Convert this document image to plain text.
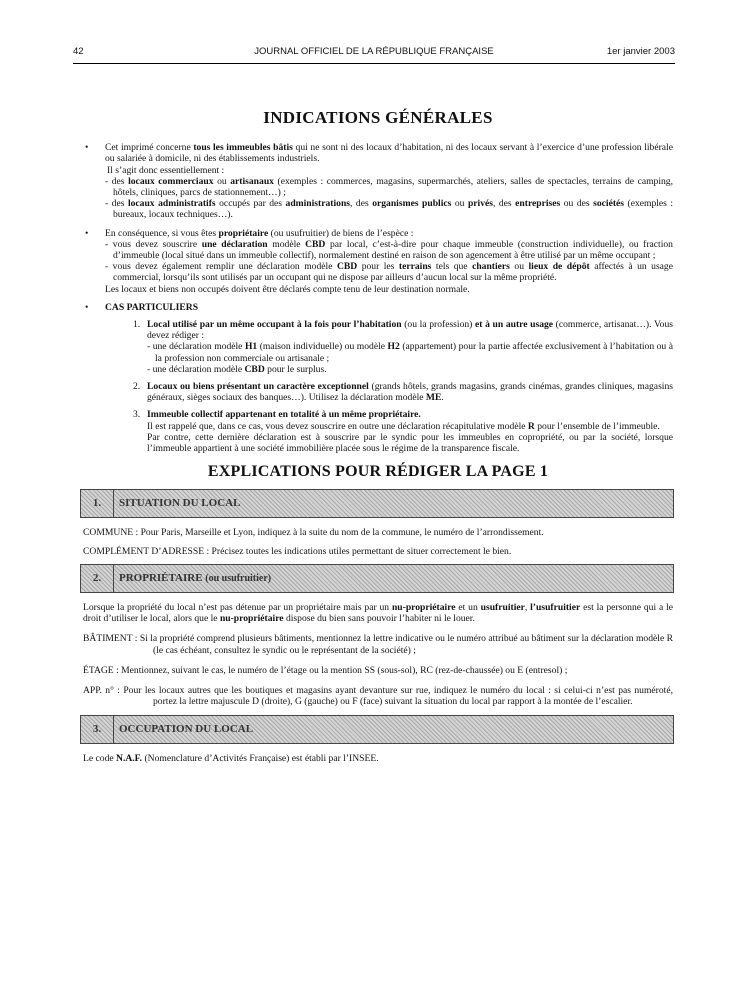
42	JOURNAL OFFICIEL DE LA RÉPUBLIQUE FRANÇAISE	1er janvier 2003
INDICATIONS GÉNÉRALES
• Cet imprimé concerne tous les immeubles bâtis qui ne sont ni des locaux d’habitation, ni des locaux servant à l’exercice d’une profession libérale ou salariée à domicile, ni des établissements industriels.

Il s’agit donc essentiellement :

- des locaux commerciaux ou artisanaux (exemples : commerces, magasins, supermarchés, ateliers, salles de spectacles, terrains de camping, hôtels, cliniques, parcs de stationnement…) ;

- des locaux administratifs occupés par des administrations, des organismes publics ou privés, des entreprises ou des sociétés (exemples : bureaux, locaux techniques…).

• En conséquence, si vous êtes propriétaire (ou usufruitier) de biens de l’espèce :

- vous devez souscrire une déclaration modèle CBD par local, c’est-à-dire pour chaque immeuble (construction individuelle), ou fraction d’immeuble (local situé dans un immeuble collectif), normalement destiné en raison de son agencement à être utilisé par un même occupant ;

- vous devez également remplir une déclaration modèle CBD pour les terrains tels que chantiers ou lieux de dépôt affectés à un usage commercial, lorsqu’ils sont utilisés par un occupant qui ne dispose par ailleurs d’aucun local sur la même propriété.

Les locaux et biens non occupés doivent être déclarés compte tenu de leur destination normale.

• CAS PARTICULIERS

1. Local utilisé par un même occupant à la fois pour l’habitation (ou la profession) et à un autre usage (commerce, artisanat…). Vous devez rédiger :

- une déclaration modèle H1 (maison individuelle) ou modèle H2 (appartement) pour la partie affectée exclusivement à l’habitation ou à la profession non commerciale ou artisanale ;

- une déclaration modèle CBD pour le surplus.

2. Locaux ou biens présentant un caractère exceptionnel (grands hôtels, grands magasins, grands cinémas, grandes cliniques, magasins généraux, sièges sociaux des banques…). Utilisez la déclaration modèle ME.

3. Immeuble collectif appartenant en totalité à un même propriétaire.

Il est rappelé que, dans ce cas, vous devez souscrire en outre une déclaration récapitulative modèle R pour l’ensemble de l’immeuble.

Par contre, cette dernière déclaration est à souscrire par le syndic pour les immeubles en copropriété, ou par la société, lorsque l’immeuble appartient à une société immobilière placée sous le régime de la transparence fiscale.

EXPLICATIONS POUR RÉDIGER LA PAGE 1
1.	SITUATION DU LOCAL

COMMUNE : Pour Paris, Marseille et Lyon, indiquez à la suite du nom de la commune, le numéro de l’arrondissement.

COMPLÉMENT D’ADRESSE : Précisez toutes les indications utiles permettant de situer correctement le bien.

2.	PROPRIÉTAIRE (ou usufruitier)

Lorsque la propriété du local n’est pas détenue par un propriétaire mais par un nu-propriétaire et un usufruitier, l’usufruitier est la personne qui a le droit d’utiliser le local, alors que le nu-propriétaire dispose du bien sans pouvoir l’habiter ni le louer.

BÂTIMENT : Si la propriété comprend plusieurs bâtiments, mentionnez la lettre indicative ou le numéro attribué au bâtiment sur la déclaration modèle R (le cas échéant, consultez le syndic ou le représentant de la société) ;

ÉTAGE : Mentionnez, suivant le cas, le numéro de l’étage ou la mention SS (sous-sol), RC (rez-de-chaussée) ou E (entresol) ;

APP. n° : Pour les locaux autres que les boutiques et magasins ayant devanture sur rue, indiquez le numéro du local : si celui-ci n’est pas numéroté, portez la lettre majuscule D (droite), G (gauche) ou F (face) suivant la situation du local par rapport à la montée de l’escalier.

3.	OCCUPATION DU LOCAL

Le code N.A.F. (Nomenclature d’Activités Française) est établi par l’INSEE.
